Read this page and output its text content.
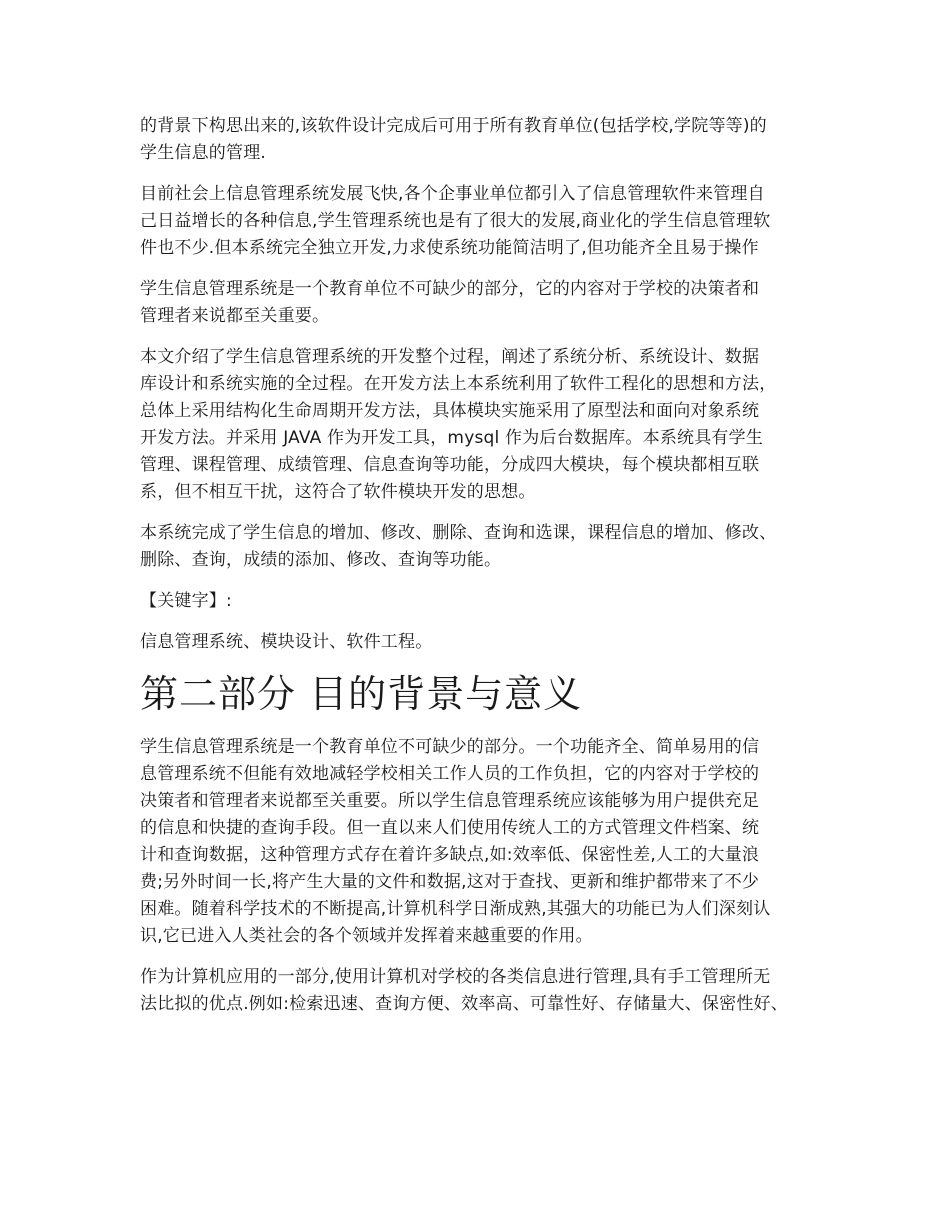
的背景下构思出来的,该软件设计完成后可用于所有教育单位(包括学校,学院等等)的
学生信息的管理.

目前社会上信息管理系统发展飞快,各个企事业单位都引入了信息管理软件来管理自
己日益增长的各种信息,学生管理系统也是有了很大的发展,商业化的学生信息管理软
件也不少.但本系统完全独立开发,力求使系统功能简洁明了,但功能齐全且易于操作

学生信息管理系统是一个教育单位不可缺少的部分，它的内容对于学校的决策者和
管理者来说都至关重要。

本文介绍了学生信息管理系统的开发整个过程，阐述了系统分析、系统设计、数据
库设计和系统实施的全过程。在开发方法上本系统利用了软件工程化的思想和方法，
总体上采用结构化生命周期开发方法，具体模块实施采用了原型法和面向对象系统
开发方法。并采用 JAVA 作为开发工具，mysql 作为后台数据库。本系统具有学生
管理、课程管理、成绩管理、信息查询等功能，分成四大模块，每个模块都相互联
系，但不相互干扰，这符合了软件模块开发的思想。

本系统完成了学生信息的增加、修改、删除、查询和选课，课程信息的增加、修改、
删除、查询，成绩的添加、修改、查询等功能。

【关键字】:

信息管理系统、模块设计、软件工程。

第二部分 目的背景与意义

学生信息管理系统是一个教育单位不可缺少的部分。一个功能齐全、简单易用的信
息管理系统不但能有效地减轻学校相关工作人员的工作负担，它的内容对于学校的
决策者和管理者来说都至关重要。所以学生信息管理系统应该能够为用户提供充足
的信息和快捷的查询手段。但一直以来人们使用传统人工的方式管理文件档案、统
计和查询数据，这种管理方式存在着许多缺点,如:效率低、保密性差,人工的大量浪
费;另外时间一长,将产生大量的文件和数据,这对于查找、更新和维护都带来了不少
困难。随着科学技术的不断提高,计算机科学日渐成熟,其强大的功能已为人们深刻认
识,它已进入人类社会的各个领域并发挥着来越重要的作用。

作为计算机应用的一部分,使用计算机对学校的各类信息进行管理,具有手工管理所无
法比拟的优点.例如:检索迅速、查询方便、效率高、可靠性好、存储量大、保密性好、
